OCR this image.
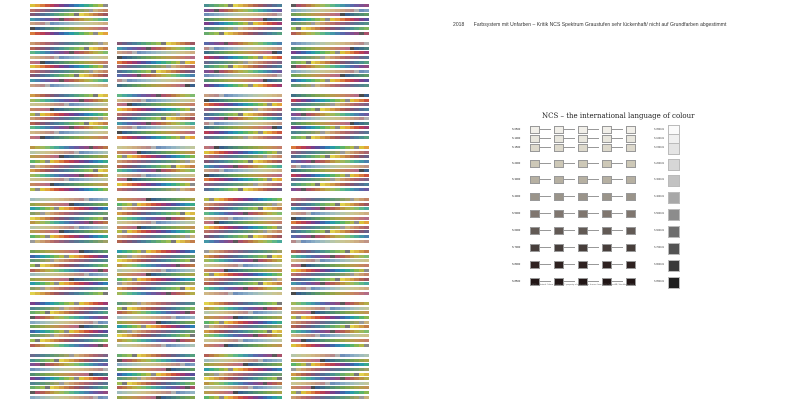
2018 Farbsystem mit Unfarben – Kritik NCS Spektrum Graustufen sehr lückenhaft/ nicht auf Grundfarben abgestimmt
NCS – the international language of colour
S 0500	S 0500-N
S 1000	S 1000-N
S 1500	S 1500-N
S 2000	S 2000-N
S 3000	S 3000-N
S 4000	S 4000-N
S 5000	S 5000-N
S 6000	S 6000-N
S 7000	S 7000-N
S 8000	S 8000-N
S 8500	S 8500-N
NCS – Natural Colour System ® © property of and used on licence from NCS Colour AB, Stockholm 2004
